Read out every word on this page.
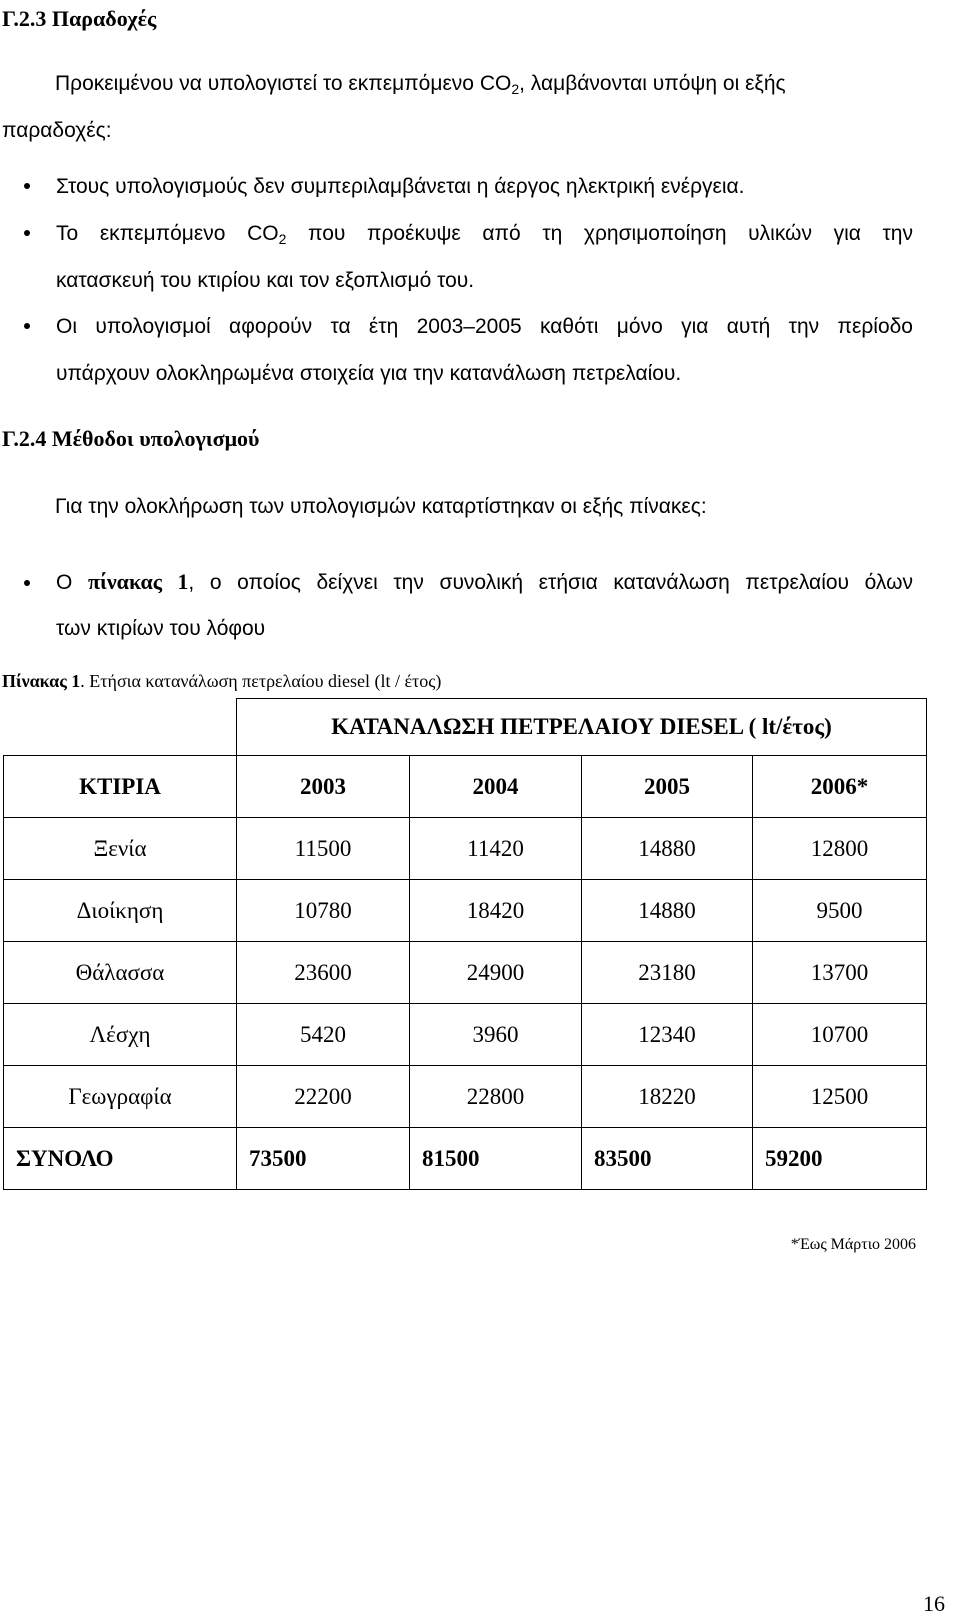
Γ.2.3 Παραδοχές
Προκειμένου να υπολογιστεί το εκπεμπόμενο $CO_2$, λαμβάνονται υπόψη οι εξής
παραδοχές:
Στους υπολογισμούς δεν συμπεριλαμβάνεται η άεργος ηλεκτρική ενέργεια.
Το εκπεμπόμενο $CO_2$ που προέκυψε από τη χρησιμοποίηση υλικών για την
κατασκευή του κτιρίου και τον εξοπλισμό του.
Οι υπολογισμοί αφορούν τα έτη 2003–2005 καθότι μόνο για αυτή την περίοδο
υπάρχουν ολοκληρωμένα στοιχεία για την κατανάλωση πετρελαίου.
Γ.2.4 Μέθοδοι υπολογισμού
Για την ολοκλήρωση των υπολογισμών καταρτίστηκαν οι εξής πίνακες:
Ο πίνακας 1, ο οποίος δείχνει την συνολική ετήσια κατανάλωση πετρελαίου όλων
των κτιρίων του λόφου
Πίνακας 1. Ετήσια κατανάλωση πετρελαίου diesel (lt / έτος)
	ΚΑΤΑΝΑΛΩΣΗ ΠΕΤΡΕΛΑΙΟΥ DIESEL ( lt/έτος)			
ΚΤΙΡΙΑ	2003	2004	2005	2006*
Ξενία	11500	11420	14880	12800
Διοίκηση	10780	18420	14880	9500
Θάλασσα	23600	24900	23180	13700
Λέσχη	5420	3960	12340	10700
Γεωγραφία	22200	22800	18220	12500
ΣΥΝΟΛΟ	73500	81500	83500	59200
*Έως Μάρτιο 2006
16
